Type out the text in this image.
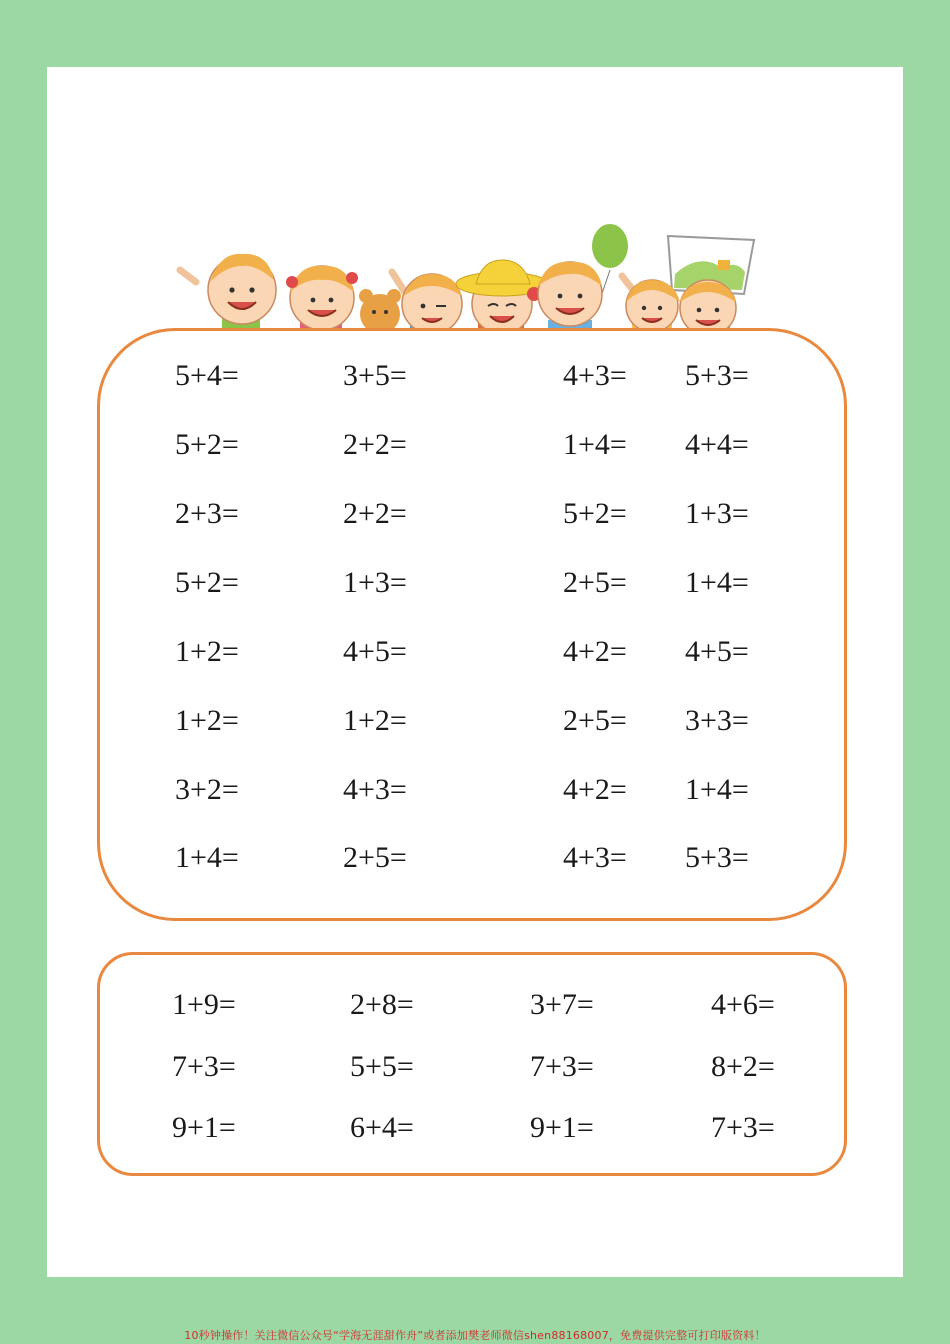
5+4=	3+5=	4+3= 5+3=
5+2=	2+2=	1+4= 4+4=
2+3=	2+2=	5+2= 1+3=
5+2=	1+3=	2+5= 1+4=
1+2=	4+5=	4+2= 4+5=
1+2=	1+2=	2+5= 3+3=
3+2=	4+3=	4+2= 1+4=
1+4=	2+5=	4+3= 5+3=
1+9=	2+8=	3+7=	4+6=
7+3=	5+5=	7+3=	8+2=
9+1=	6+4=	9+1=	7+3=
10秒钟操作！关注微信公众号“学海无涯甜作舟”或者添加樊老师微信shen88168007，免费提供完整可打印版资料！
